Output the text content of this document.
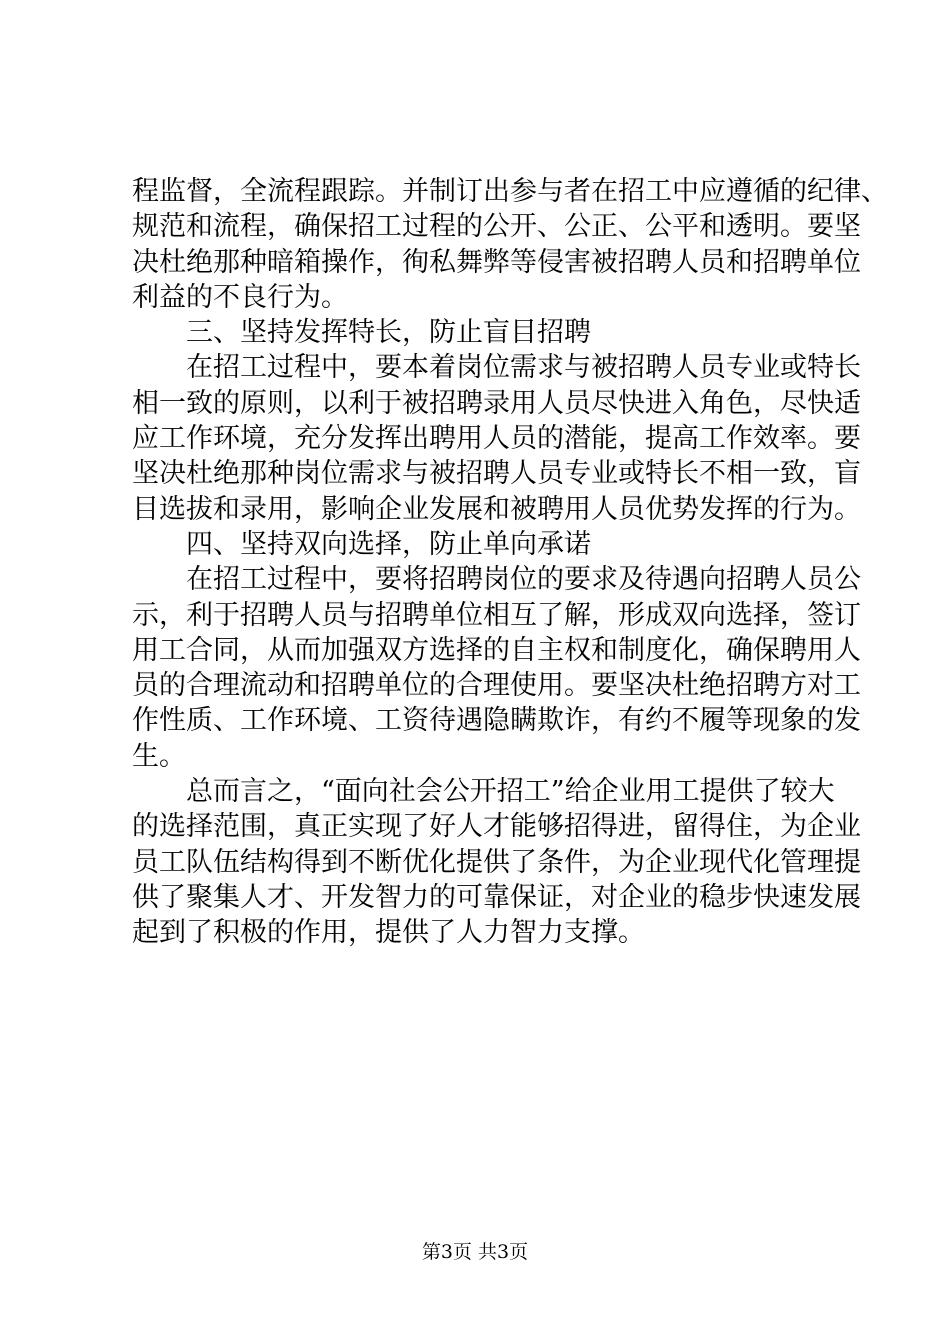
程监督，全流程跟踪。并制订出参与者在招工中应遵循的纪律、
规范和流程，确保招工过程的公开、公正、公平和透明。要坚
决杜绝那种暗箱操作，徇私舞弊等侵害被招聘人员和招聘单位
利益的不良行为。
三、坚持发挥特长，防止盲目招聘
在招工过程中，要本着岗位需求与被招聘人员专业或特长
相一致的原则，以利于被招聘录用人员尽快进入角色，尽快适
应工作环境，充分发挥出聘用人员的潜能，提高工作效率。要
坚决杜绝那种岗位需求与被招聘人员专业或特长不相一致，盲
目选拔和录用，影响企业发展和被聘用人员优势发挥的行为。
四、坚持双向选择，防止单向承诺
在招工过程中，要将招聘岗位的要求及待遇向招聘人员公
示，利于招聘人员与招聘单位相互了解，形成双向选择，签订
用工合同，从而加强双方选择的自主权和制度化，确保聘用人
员的合理流动和招聘单位的合理使用。要坚决杜绝招聘方对工
作性质、工作环境、工资待遇隐瞒欺诈，有约不履等现象的发
生。
总而言之，“面向社会公开招工”给企业用工提供了较大
的选择范围，真正实现了好人才能够招得进，留得住，为企业
员工队伍结构得到不断优化提供了条件，为企业现代化管理提
供了聚集人才、开发智力的可靠保证，对企业的稳步快速发展
起到了积极的作用，提供了人力智力支撑。
第3页 共3页
